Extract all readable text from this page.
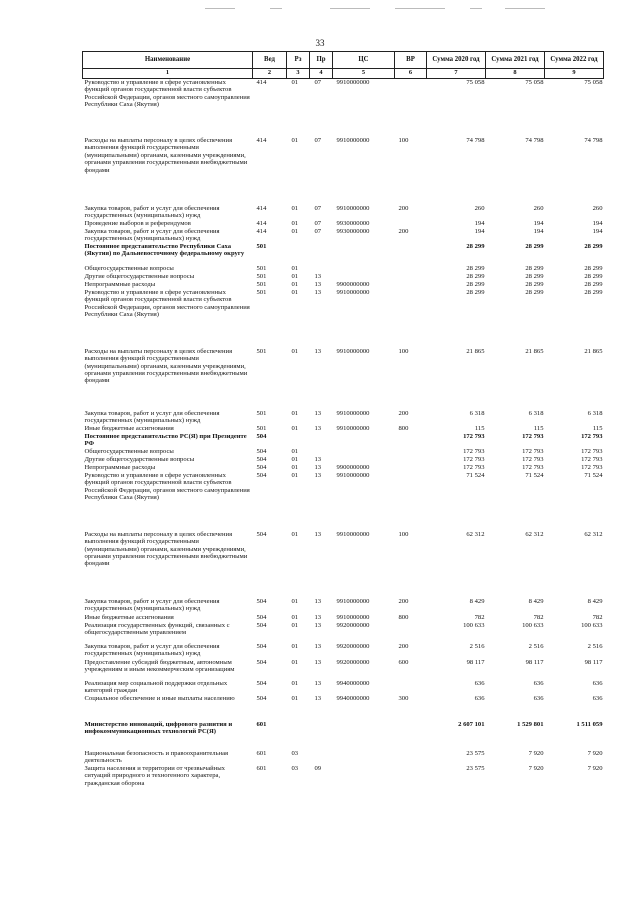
33
Наименование	Вед	Рз	Пр	ЦС	ВР	Сумма 2020 год	Сумма 2021 год	Сумма 2022 год
1	2	3	4	5	6	7	8	9
Руководство и управление в сфере установленных функций органов государственной власти субъектов Российской Федерации, органов местного самоуправления Республики Саха (Якутия)	414	01	07	9910000000		75 058	75 058	75 058
Расходы на выплаты персоналу в целях обеспечения выполнения функций государственными (муниципальными) органами, казенными учреждениями, органами управления государственными внебюджетными фондами	414	01	07	9910000000	100	74 798	74 798	74 798
Закупка товаров, работ и услуг для обеспечения государственных (муниципальных) нужд	414	01	07	9910000000	200	260	260	260
Проведение выборов и референдумов	414	01	07	9930000000		194	194	194
Закупка товаров, работ и услуг для обеспечения государственных (муниципальных) нужд	414	01	07	9930000000	200	194	194	194
Постоянное представительство Республики Саха (Якутия) по Дальневосточному федеральному округу	501					28 299	28 299	28 299
Общегосударственные вопросы	501	01				28 299	28 299	28 299
Другие общегосударственные вопросы	501	01	13			28 299	28 299	28 299
Непрограммные расходы	501	01	13	9900000000		28 299	28 299	28 299
Руководство и управление в сфере установленных функций органов государственной власти субъектов Российской Федерации, органов местного самоуправления Республики Саха (Якутия)	501	01	13	9910000000		28 299	28 299	28 299
Расходы на выплаты персоналу в целях обеспечения выполнения функций государственными (муниципальными) органами, казенными учреждениями, органами управления государственными внебюджетными фондами	501	01	13	9910000000	100	21 865	21 865	21 865
Закупка товаров, работ и услуг для обеспечения государственных (муниципальных) нужд	501	01	13	9910000000	200	6 318	6 318	6 318
Иные бюджетные ассигнования	501	01	13	9910000000	800	115	115	115
Постоянное представительство РС(Я) при Президенте РФ	504					172 793	172 793	172 793
Общегосударственные вопросы	504	01				172 793	172 793	172 793
Другие общегосударственные вопросы	504	01	13			172 793	172 793	172 793
Непрограммные расходы	504	01	13	9900000000		172 793	172 793	172 793
Руководство и управление в сфере установленных функций органов государственной власти субъектов Российской Федерации, органов местного самоуправления Республики Саха (Якутия)	504	01	13	9910000000		71 524	71 524	71 524
Расходы на выплаты персоналу в целях обеспечения выполнения функций государственными (муниципальными) органами, казенными учреждениями, органами управления государственными внебюджетными фондами	504	01	13	9910000000	100	62 312	62 312	62 312
Закупка товаров, работ и услуг для обеспечения государственных (муниципальных) нужд	504	01	13	9910000000	200	8 429	8 429	8 429
Иные бюджетные ассигнования	504	01	13	9910000000	800	782	782	782
Реализация государственных функций, связанных с общегосударственным управлением	504	01	13	9920000000		100 633	100 633	100 633
Закупка товаров, работ и услуг для обеспечения государственных (муниципальных) нужд	504	01	13	9920000000	200	2 516	2 516	2 516
Предоставление субсидий бюджетным, автономным учреждениям и иным некоммерческим организациям	504	01	13	9920000000	600	98 117	98 117	98 117
Реализация мер социальной поддержки отдельных категорий граждан	504	01	13	9940000000		636	636	636
Социальное обеспечение и иные выплаты населению	504	01	13	9940000000	300	636	636	636
Министерство инноваций, цифрового развития и инфокоммуникационных технологий РС(Я)	601					2 607 101	1 529 801	1 511 059
Национальная безопасность и правоохранительная деятельность	601	03				23 575	7 920	7 920
Защита населения и территории от чрезвычайных ситуаций природного и техногенного характера, гражданская оборона	601	03	09			23 575	7 920	7 920
